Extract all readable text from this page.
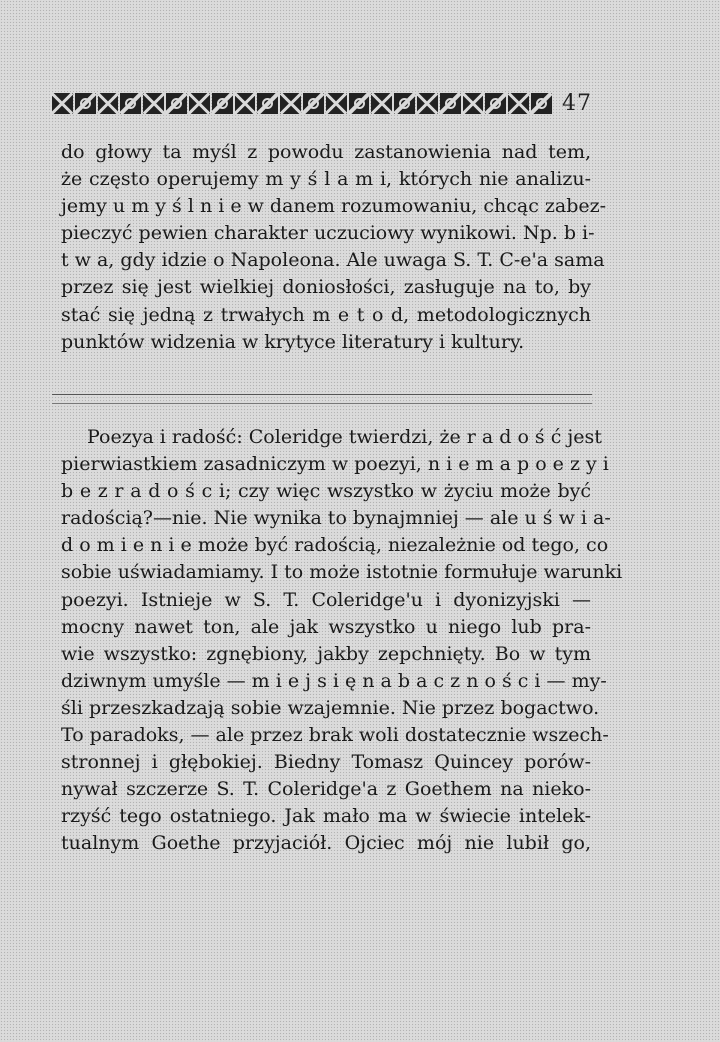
47
do głowy ta myśl z powodu zastanowienia nad tem,
że często operujemy m y ś l a m i, których nie analizu-
jemy u m y ś l n i e w danem rozumowaniu, chcąc zabez-
pieczyć pewien charakter uczuciowy wynikowi. Np. b i-
t w a, gdy idzie o Napoleona. Ale uwaga S. T. C-e'a sama
przez się jest wielkiej doniosłości, zasługuje na to, by
stać się jedną z trwałych m e t o d, metodologicznych
punktów widzenia w krytyce literatury i kultury.
Poezya i radość: Coleridge twierdzi, że r a d o ś ć jest
pierwiastkiem zasadniczym w poezyi, n i e m a p o e z y i
b e z r a d o ś c i; czy więc wszystko w życiu może być
radością?—nie. Nie wynika to bynajmniej — ale u ś w i a-
d o m i e n i e może być radością, niezależnie od tego, co
sobie uświadamiamy. I to może istotnie formułuje warunki
poezyi. Istnieje w S. T. Coleridge'u i dyonizyjski —
mocny nawet ton, ale jak wszystko u niego lub pra-
wie wszystko: zgnębiony, jakby zepchnięty. Bo w tym
dziwnym umyśle — m i e j s i ę n a b a c z n o ś c i — my-
śli przeszkadzają sobie wzajemnie. Nie przez bogactwo.
To paradoks, — ale przez brak woli dostatecznie wszech-
stronnej i głębokiej. Biedny Tomasz Quincey porów-
nywał szczerze S. T. Coleridge'a z Goethem na nieko-
rzyść tego ostatniego. Jak mało ma w świecie intelek-
tualnym Goethe przyjaciół. Ojciec mój nie lubił go,
